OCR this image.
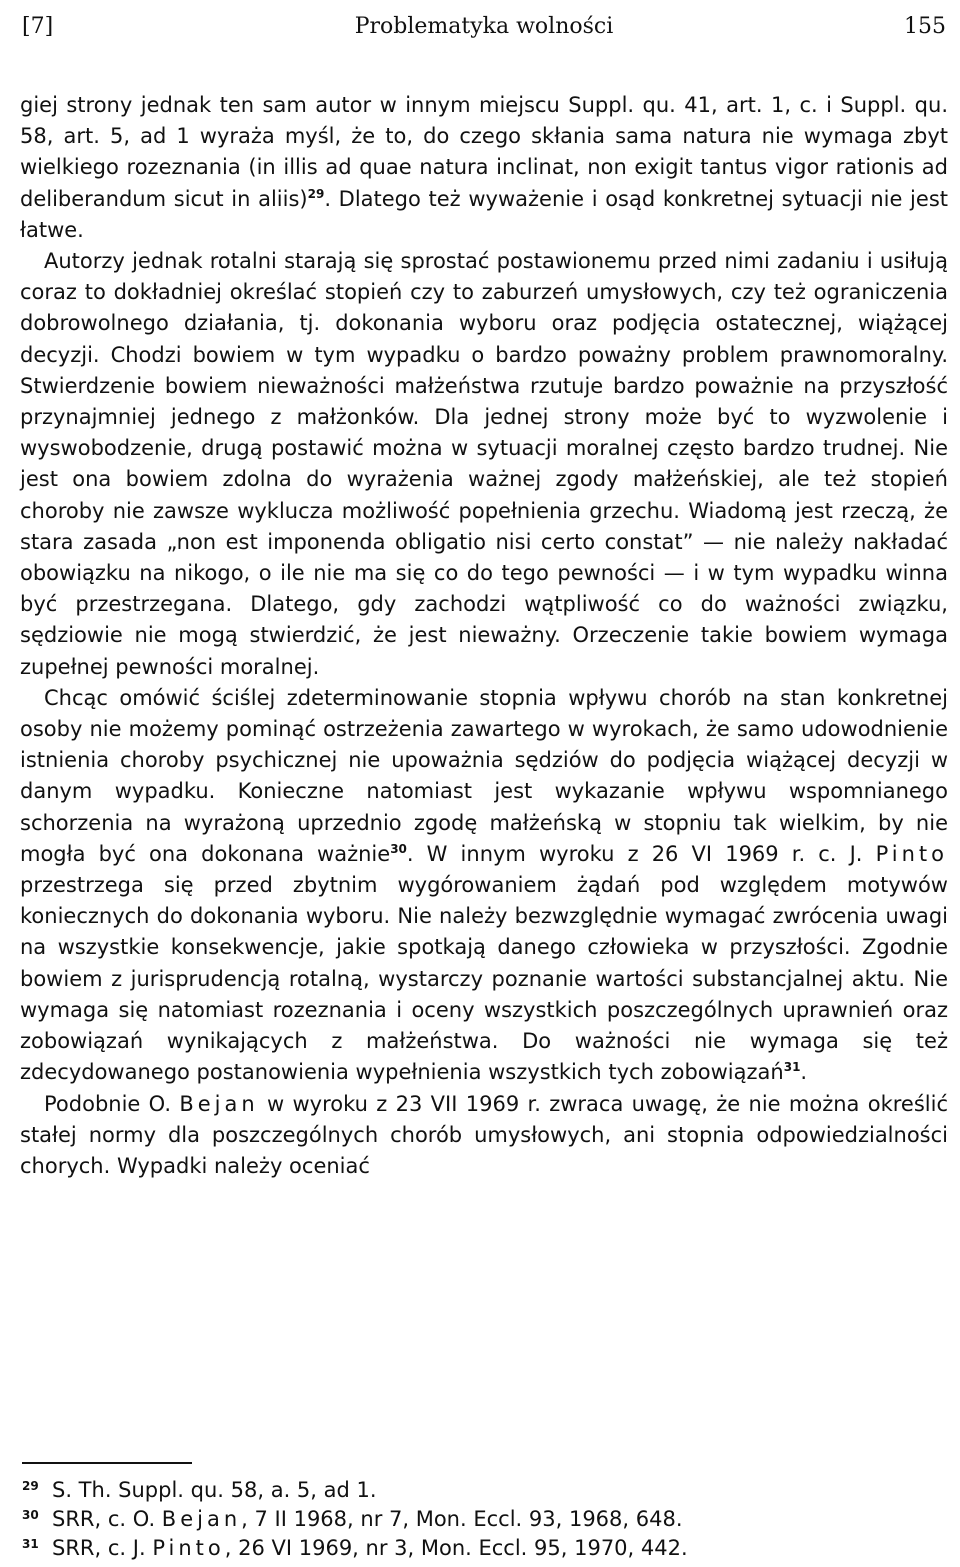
[7]	Problematyka wolności	155

giej strony jednak ten sam autor w innym miejscu Suppl. qu. 41, art. 1, c. i Suppl. qu. 58, art. 5, ad 1 wyraża myśl, że to, do czego skłania sama natura nie wymaga zbyt wielkiego rozeznania (in illis ad quae natura inclinat, non exigit tantus vigor rationis ad deliberandum sicut in aliis)$^{29}$. Dlatego też wyważenie i osąd konkretnej sytuacji nie jest łatwe.

Autorzy jednak rotalni starają się sprostać postawionemu przed nimi zadaniu i usiłują coraz to dokładniej określać stopień czy to zaburzeń umysłowych, czy też ograniczenia dobrowolnego działania, tj. dokonania wyboru oraz podjęcia ostatecznej, wiążącej decyzji. Chodzi bowiem w tym wypadku o bardzo poważny problem prawnomoralny. Stwierdzenie bowiem nieważności małżeństwa rzutuje bardzo poważnie na przyszłość przynajmniej jednego z małżonków. Dla jednej strony może być to wyzwolenie i wyswobodzenie, drugą postawić można w sytuacji moralnej często bardzo trudnej. Nie jest ona bowiem zdolna do wyrażenia ważnej zgody małżeńskiej, ale też stopień choroby nie zawsze wyklucza możliwość popełnienia grzechu. Wiadomą jest rzeczą, że stara zasada „non est imponenda obligatio nisi certo constat” — nie należy nakładać obowiązku na nikogo, o ile nie ma się co do tego pewności — i w tym wypadku winna być przestrzegana. Dlatego, gdy zachodzi wątpliwość co do ważności związku, sędziowie nie mogą stwierdzić, że jest nieważny. Orzeczenie takie bowiem wymaga zupełnej pewności moralnej.

Chcąc omówić ściślej zdeterminowanie stopnia wpływu chorób na stan konkretnej osoby nie możemy pominąć ostrzeżenia zawartego w wyrokach, że samo udowodnienie istnienia choroby psychicznej nie upoważnia sędziów do podjęcia wiążącej decyzji w danym wypadku. Konieczne natomiast jest wykazanie wpływu wspomnianego schorzenia na wyrażoną uprzednio zgodę małżeńską w stopniu tak wielkim, by nie mogła być ona dokonana ważnie$^{30}$. W innym wyroku z 26 VI 1969 r. c. J. Pinto przestrzega się przed zbytnim wygórowaniem żądań pod względem motywów koniecznych do dokonania wyboru. Nie należy bezwzględnie wymagać zwrócenia uwagi na wszystkie konsekwencje, jakie spotkają danego człowieka w przyszłości. Zgodnie bowiem z jurisprudencją rotalną, wystarczy poznanie wartości substancjalnej aktu. Nie wymaga się natomiast rozeznania i oceny wszystkich poszczególnych uprawnień oraz zobowiązań wynikających z małżeństwa. Do ważności nie wymaga się też zdecydowanego postanowienia wypełnienia wszystkich tych zobowiązań$^{31}$.

Podobnie O. Bejan w wyroku z 23 VII 1969 r. zwraca uwagę, że nie można określić stałej normy dla poszczególnych chorób umysłowych, ani stopnia odpowiedzialności chorych. Wypadki należy oceniać

29 S. Th. Suppl. qu. 58, a. 5, ad 1.
30 SRR, c. O. Bejan, 7 II 1968, nr 7, Mon. Eccl. 93, 1968, 648.
31 SRR, c. J. Pinto, 26 VI 1969, nr 3, Mon. Eccl. 95, 1970, 442.
